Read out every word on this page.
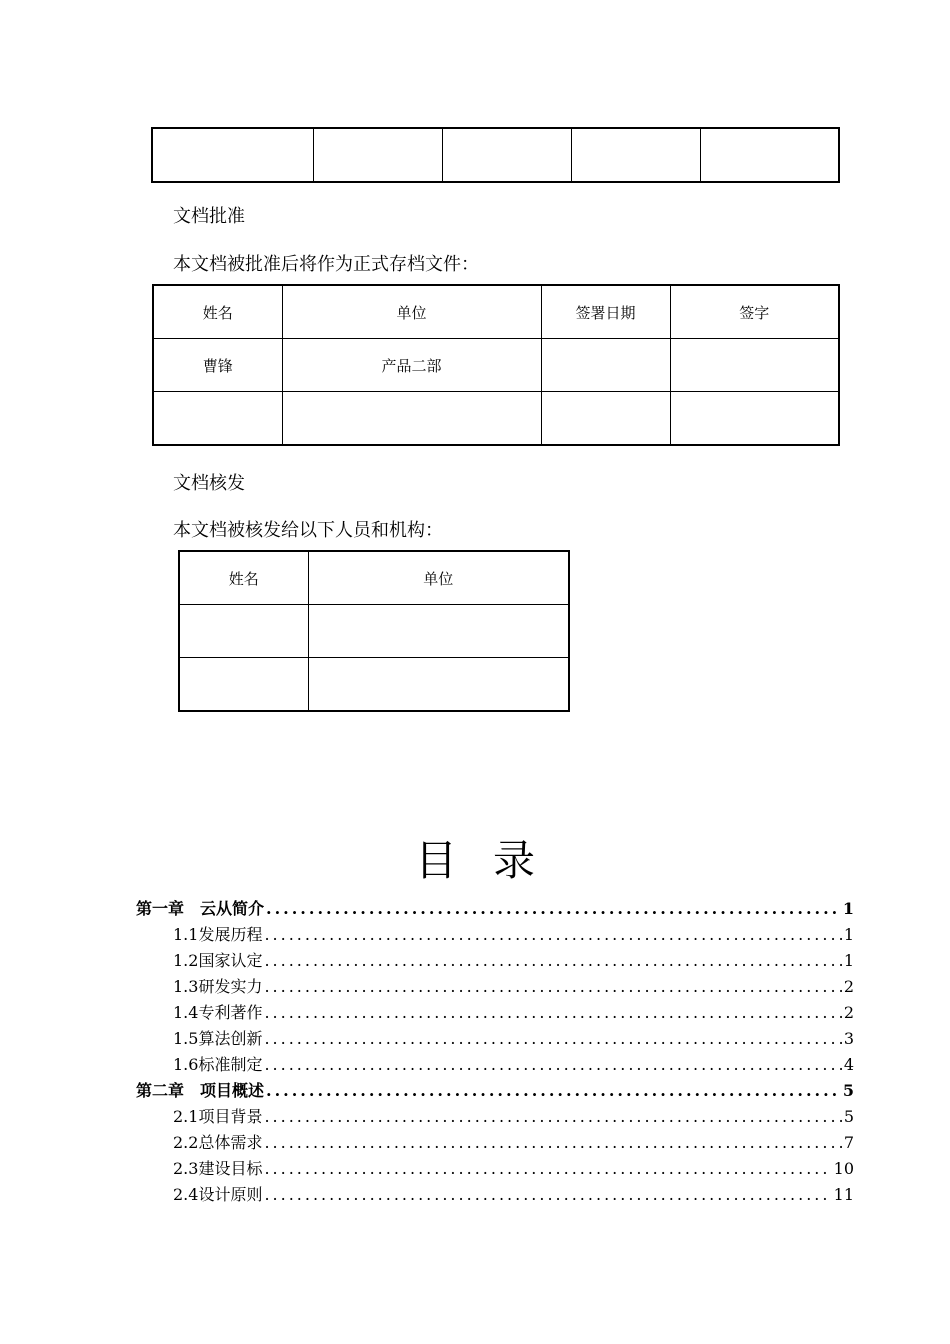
文档批准

本文档被批准后将作为正式存档文件：

姓名	单位	签署日期	签字
曹锋	产品二部		

文档核发

本文档被核发给以下人员和机构：

姓名	单位

目录
第一章　云从简介 .....	1
1.1发展历程 .....	1
1.2国家认定 .....	1
1.3研发实力 .....	2
1.4专利著作 .....	2
1.5算法创新 .....	3
1.6标准制定 .....	4
第二章　项目概述 .....	5
2.1项目背景 .....	5
2.2总体需求 .....	7
2.3建设目标 .....	10
2.4设计原则 .....	11
